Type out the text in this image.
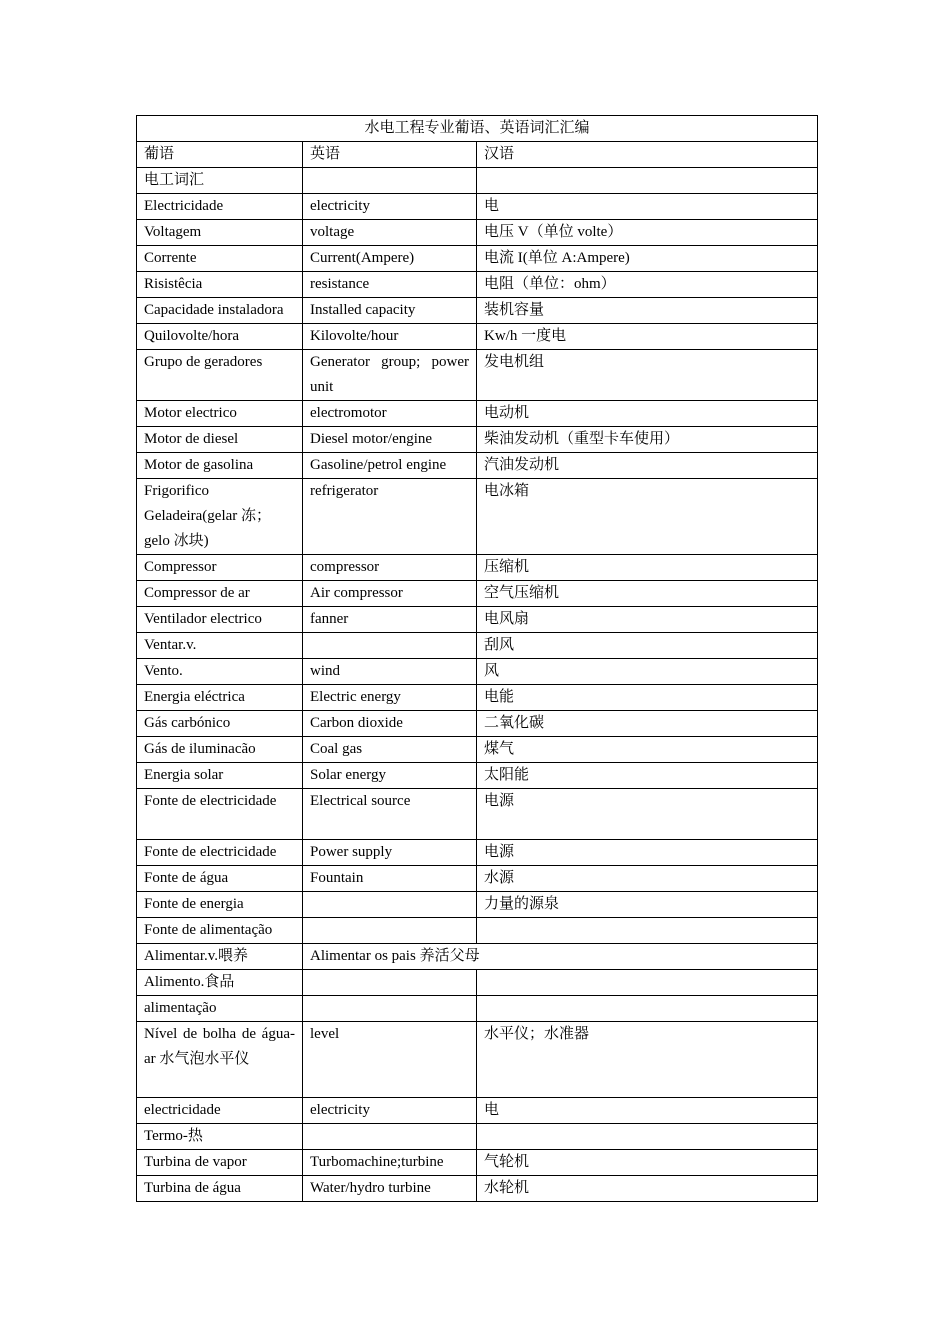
水电工程专业葡语、英语词汇汇编		
葡语	英语	汉语
电工词汇		
Electricidade	electricity	电
Voltagem	voltage	电压 V（单位 volte）
Corrente	Current(Ampere)	电流 I(单位 A:Ampere)
Risistêcia	resistance	电阻（单位：ohm）
Capacidade instaladora	Installed capacity	装机容量
Quilovolte/hora	Kilovolte/hour	Kw/h 一度电
Grupo de geradores	Generator group; power unit	发电机组
Motor electrico	electromotor	电动机
Motor de diesel	Diesel motor/engine	柴油发动机（重型卡车使用）
Motor de gasolina	Gasoline/petrol engine	汽油发动机
Frigorifico Geladeira(gelar 冻；gelo 冰块)	refrigerator	电冰箱
Compressor	compressor	压缩机
Compressor de ar	Air compressor	空气压缩机
Ventilador electrico	fanner	电风扇
Ventar.v.		刮风
Vento.	wind	风
Energia eléctrica	Electric energy	电能
Gás carbónico	Carbon dioxide	二氧化碳
Gás de iluminacão	Coal gas	煤气
Energia solar	Solar energy	太阳能
Fonte de electricidade	Electrical source	电源
Fonte de electricidade	Power supply	电源
Fonte de água	Fountain	水源
Fonte de energia		力量的源泉
Fonte de alimentação		
Alimentar.v.喂养	Alimentar os pais 养活父母	
Alimento.食品		
alimentação		
Nível de bolha de água-ar 水气泡水平仪	level	水平仪；水准器
electricidade	electricity	电
Termo-热		
Turbina de vapor	Turbomachine;turbine	气轮机
Turbina de água	Water/hydro turbine	水轮机
